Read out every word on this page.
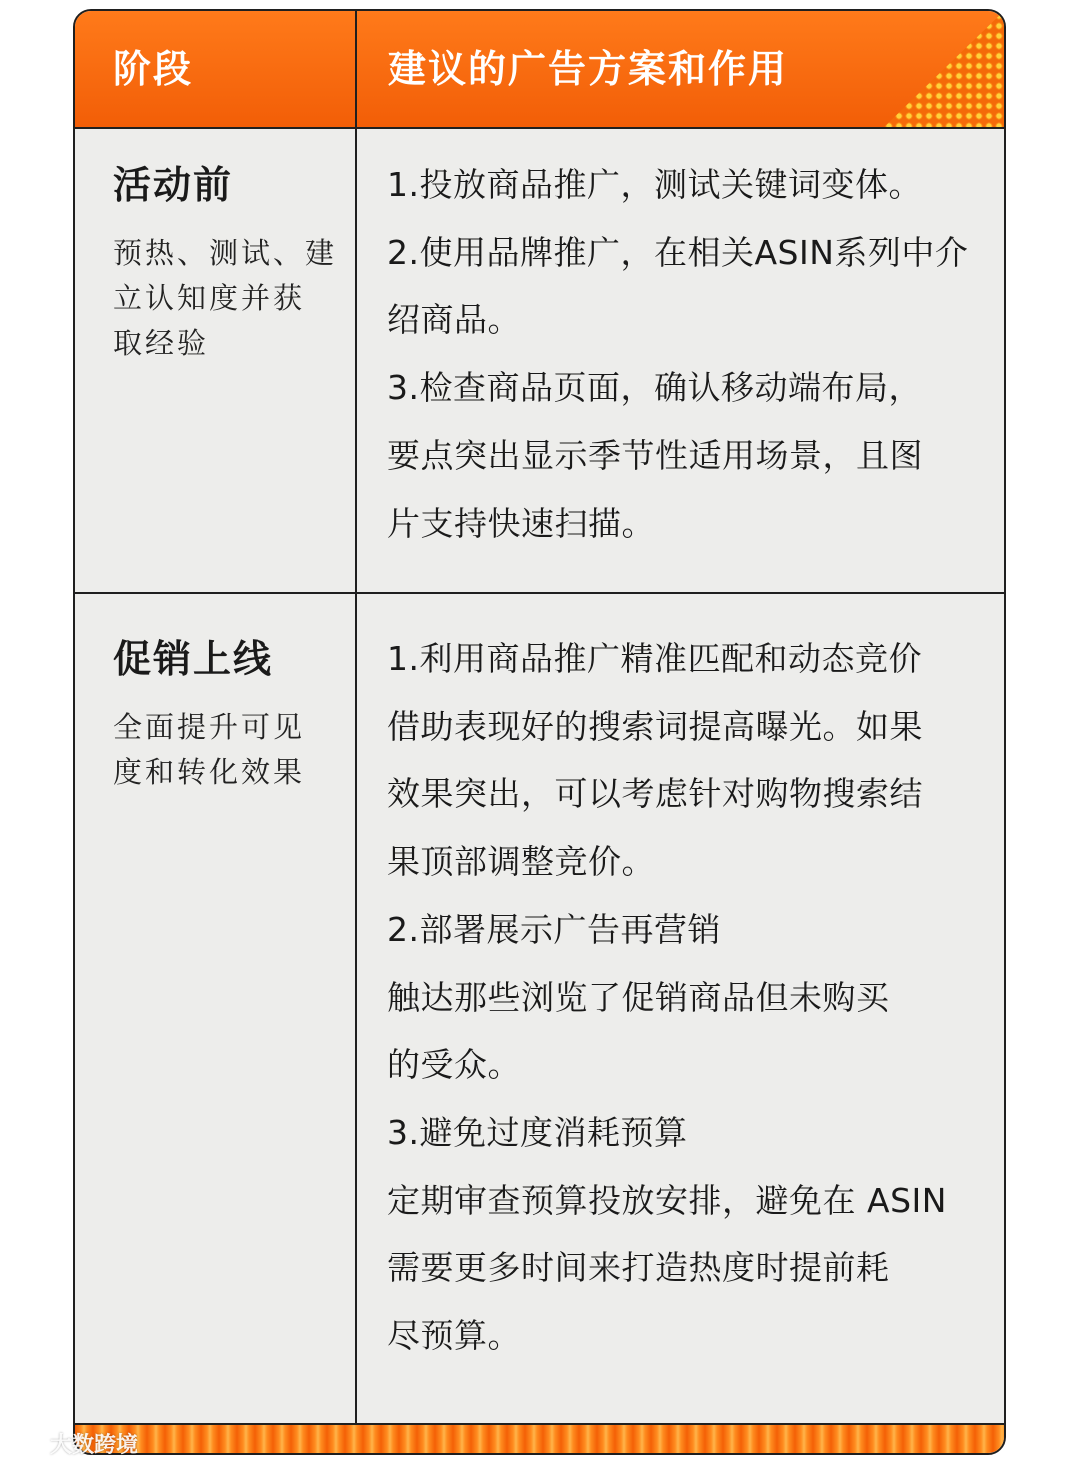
阶段	建议的广告方案和作用
活动前
预热、测试、建
立认知度并获
取经验
1.投放商品推广，测试关键词变体。
2.使用品牌推广，在相关ASIN系列中介
绍商品。
3.检查商品页面，确认移动端布局，
要点突出显示季节性适用场景，且图
片支持快速扫描。
促销上线
全面提升可见
度和转化效果
1.利用商品推广精准匹配和动态竞价
借助表现好的搜索词提高曝光。如果
效果突出，可以考虑针对购物搜索结
果顶部调整竞价。
2.部署展示广告再营销
触达那些浏览了促销商品但未购买
的受众。
3.避免过度消耗预算
定期审查预算投放安排，避免在 ASIN
需要更多时间来打造热度时提前耗
尽预算。
大数跨境
